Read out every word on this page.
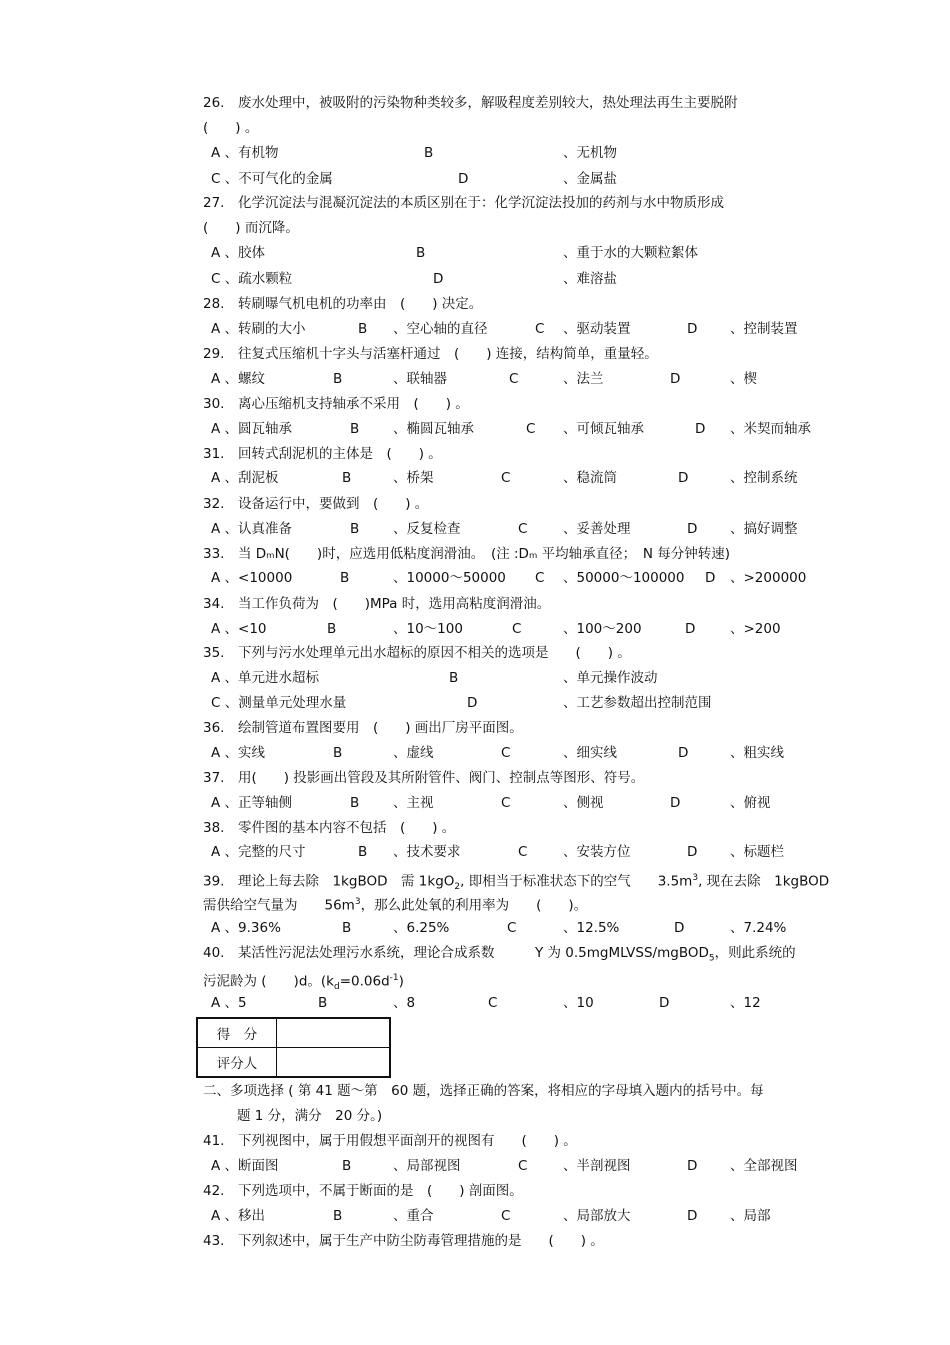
26.　废水处理中，被吸附的污染物种类较多，解吸程度差别较大，热处理法再生主要脱附
(　　) 。
A 、有机物	B	、无机物
C 、不可气化的金属	D	、金属盐
27.　化学沉淀法与混凝沉淀法的本质区别在于：化学沉淀法投加的药剂与水中物质形成
(　　) 而沉降。
A 、胶体	B	、重于水的大颗粒絮体
C 、疏水颗粒	D	、难溶盐
28.　转刷曝气机电机的功率由　(　　) 决定。
A 、转刷的大小	B 、空心轴的直径	C 、驱动装置	D 、控制装置
29.　往复式压缩机十字头与活塞杆通过　(　　) 连接，结构简单，重量轻。
A 、螺纹	B	、联轴器	C	、法兰	D	、楔
30.　离心压缩机支持轴承不采用　(　　) 。
A 、圆瓦轴承	B 、椭圆瓦轴承	C 、可倾瓦轴承	D 、米契而轴承
31.　回转式刮泥机的主体是　(　　) 。
A 、刮泥板	B	、桥架	C	、稳流筒	D	、控制系统
32.　设备运行中，要做到　(　　) 。
A 、认真准备	B 、反复检查	C	、妥善处理	D 、搞好调整
33.　当 DₘN(　　)时，应选用低粘度润滑油。　(注 :Dₘ 平均轴承直径；　N 每分钟转速)
A 、<10000	B	、10000～50000 C 、50000～100000 D 、>200000
34.　当工作负荷为　(　　)MPa 时，选用高粘度润滑油。
A 、<10	B	、10～100	C	、100～200	D	、>200
35.　下列与污水处理单元出水超标的原因不相关的选项是　　(　　) 。
A 、单元进水超标	B	、单元操作波动
C 、测量单元处理水量	D	、工艺参数超出控制范围
36.　绘制管道布置图要用　(　　) 画出厂房平面图。
A 、实线	B	、虚线	C	、细实线	D	、粗实线
37.　用(　　) 投影画出管段及其所附管件、阀门、控制点等图形、符号。
A 、正等轴侧	B 、主视	C	、侧视	D	、俯视
38.　零件图的基本内容不包括　(　　) 。
A 、完整的尺寸	B 、技术要求	C	、安装方位	D 、标题栏
39.　理论上每去除　1kgBOD　需 1kgO$_2$, 即相当于标准状态下的空气　　$3.5m^3$, 现在去除　1kgBOD
需供给空气量为　　$56m^3$，那么此处氧的利用率为　　(　　)。
A 、9.36%	B	、6.25%	C	、12.5%	D	、7.24%
40.　某活性污泥法处理污水系统，理论合成系数　　　Y 为 0.5mgMLVSS/mgBOD$_5$，则此系统的
污泥龄为 (　　)d。$(k_d=0.06d^{-1})$
A 、5	B	、8	C	、10	D	、12
得　分	
评分人	
二、多项选择 ( 第 41 题～第　60 题，选择正确的答案，将相应的字母填入题内的括号中。每
题 1 分，满分　20 分。)
41.　下列视图中，属于用假想平面剖开的视图有　　(　　) 。
A 、断面图	B	、局部视图	C	、半剖视图	D 、全部视图
42.　下列选项中，不属于断面的是　(　　) 剖面图。
A 、移出	B	、重合	C	、局部放大	D 、局部
43.　下列叙述中，属于生产中防尘防毒管理措施的是　　(　　) 。
